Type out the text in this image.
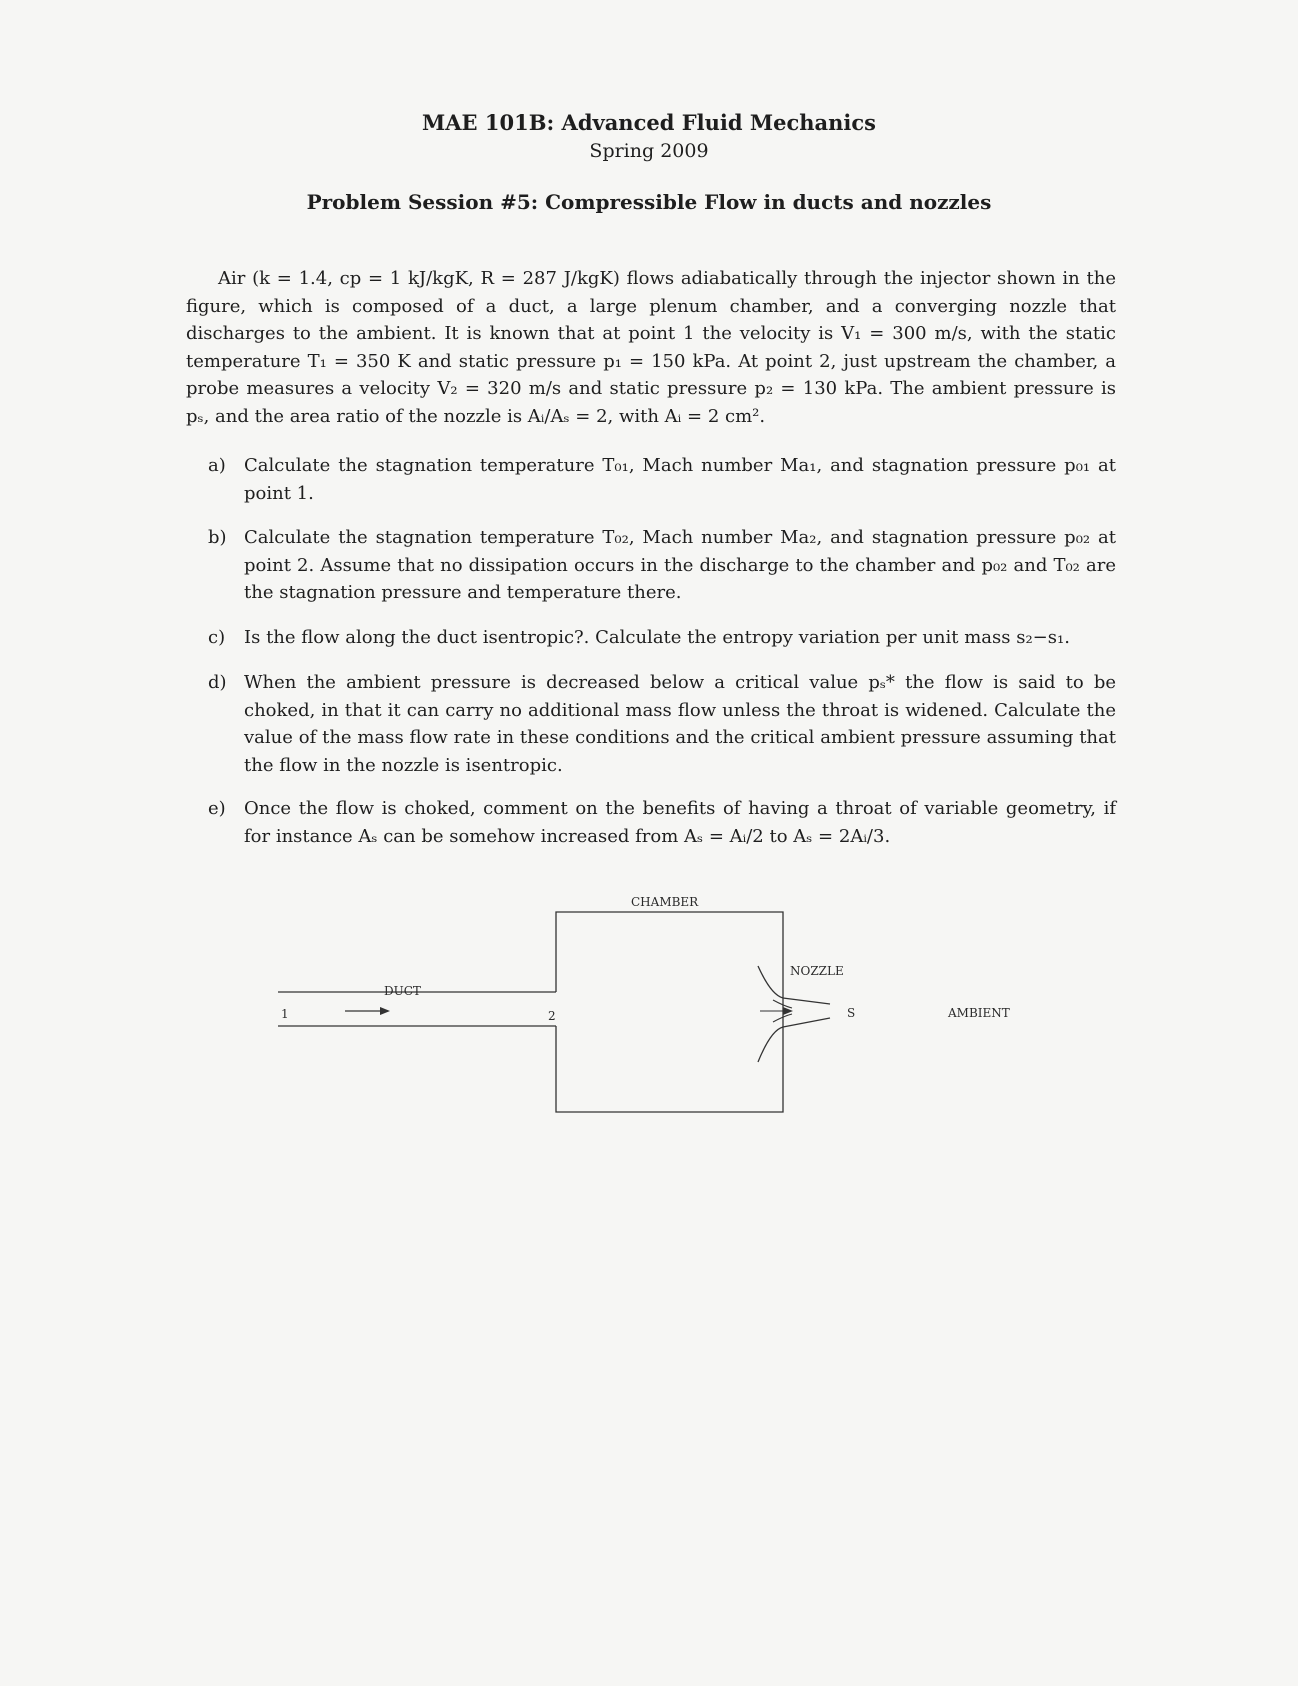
MAE 101B: Advanced Fluid Mechanics
Spring 2009
Problem Session #5: Compressible Flow in ducts and nozzles

Air (k = 1.4, cp = 1 kJ/kgK, R = 287 J/kgK) flows adiabatically through the injector shown in the figure, which is composed of a duct, a large plenum chamber, and a converging nozzle that discharges to the ambient. It is known that at point 1 the velocity is V₁ = 300 m/s, with the static temperature T₁ = 350 K and static pressure p₁ = 150 kPa. At point 2, just upstream the chamber, a probe measures a velocity V₂ = 320 m/s and static pressure p₂ = 130 kPa. The ambient pressure is pₛ, and the area ratio of the nozzle is Aᵢ/Aₛ = 2, with Aᵢ = 2 cm².

a)	Calculate the stagnation temperature T₀₁, Mach number Ma₁, and stagnation pressure p₀₁ at point 1.
b) Calculate the stagnation temperature T₀₂, Mach number Ma₂, and stagnation pressure p₀₂ at point 2. Assume that no dissipation occurs in the discharge to the chamber and p₀₂ and T₀₂ are the stagnation pressure and temperature there.
c)	Is the flow along the duct isentropic?. Calculate the entropy variation per unit mass s₂−s₁.
d) When the ambient pressure is decreased below a critical value pₛ* the flow is said to be choked, in that it can carry no additional mass flow unless the throat is widened. Calculate the value of the mass flow rate in these conditions and the critical ambient pressure assuming that the flow in the nozzle is isentropic.
e)	Once the flow is choked, comment on the benefits of having a throat of variable geometry, if for instance Aₛ can be somehow increased from Aₛ = Aᵢ/2 to Aₛ = 2Aᵢ/3.
CHAMBER
NOZZLE
DUCT
AMBIENT
1	2	S
